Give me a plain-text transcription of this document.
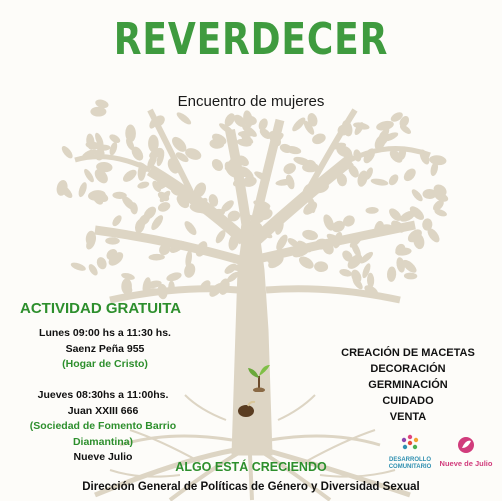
REVERDECER
Encuentro de mujeres
ACTIVIDAD GRATUITA
Lunes 09:00 hs a 11:30 hs.
Saenz Peña 955
(Hogar de Cristo)
Jueves 08:30hs a 11:00hs.
Juan XXIII 666
(Sociedad de Fomento Barrio
Diamantina)
Nueve Julio
CREACIÓN DE MACETAS
DECORACIÓN
GERMINACIÓN
CUIDADO
VENTA
ALGO ESTÁ CRECIENDO
Dirección General de Políticas de Género y Diversidad Sexual
DESARROLLO
COMUNITARIO	Nueve de Julio
